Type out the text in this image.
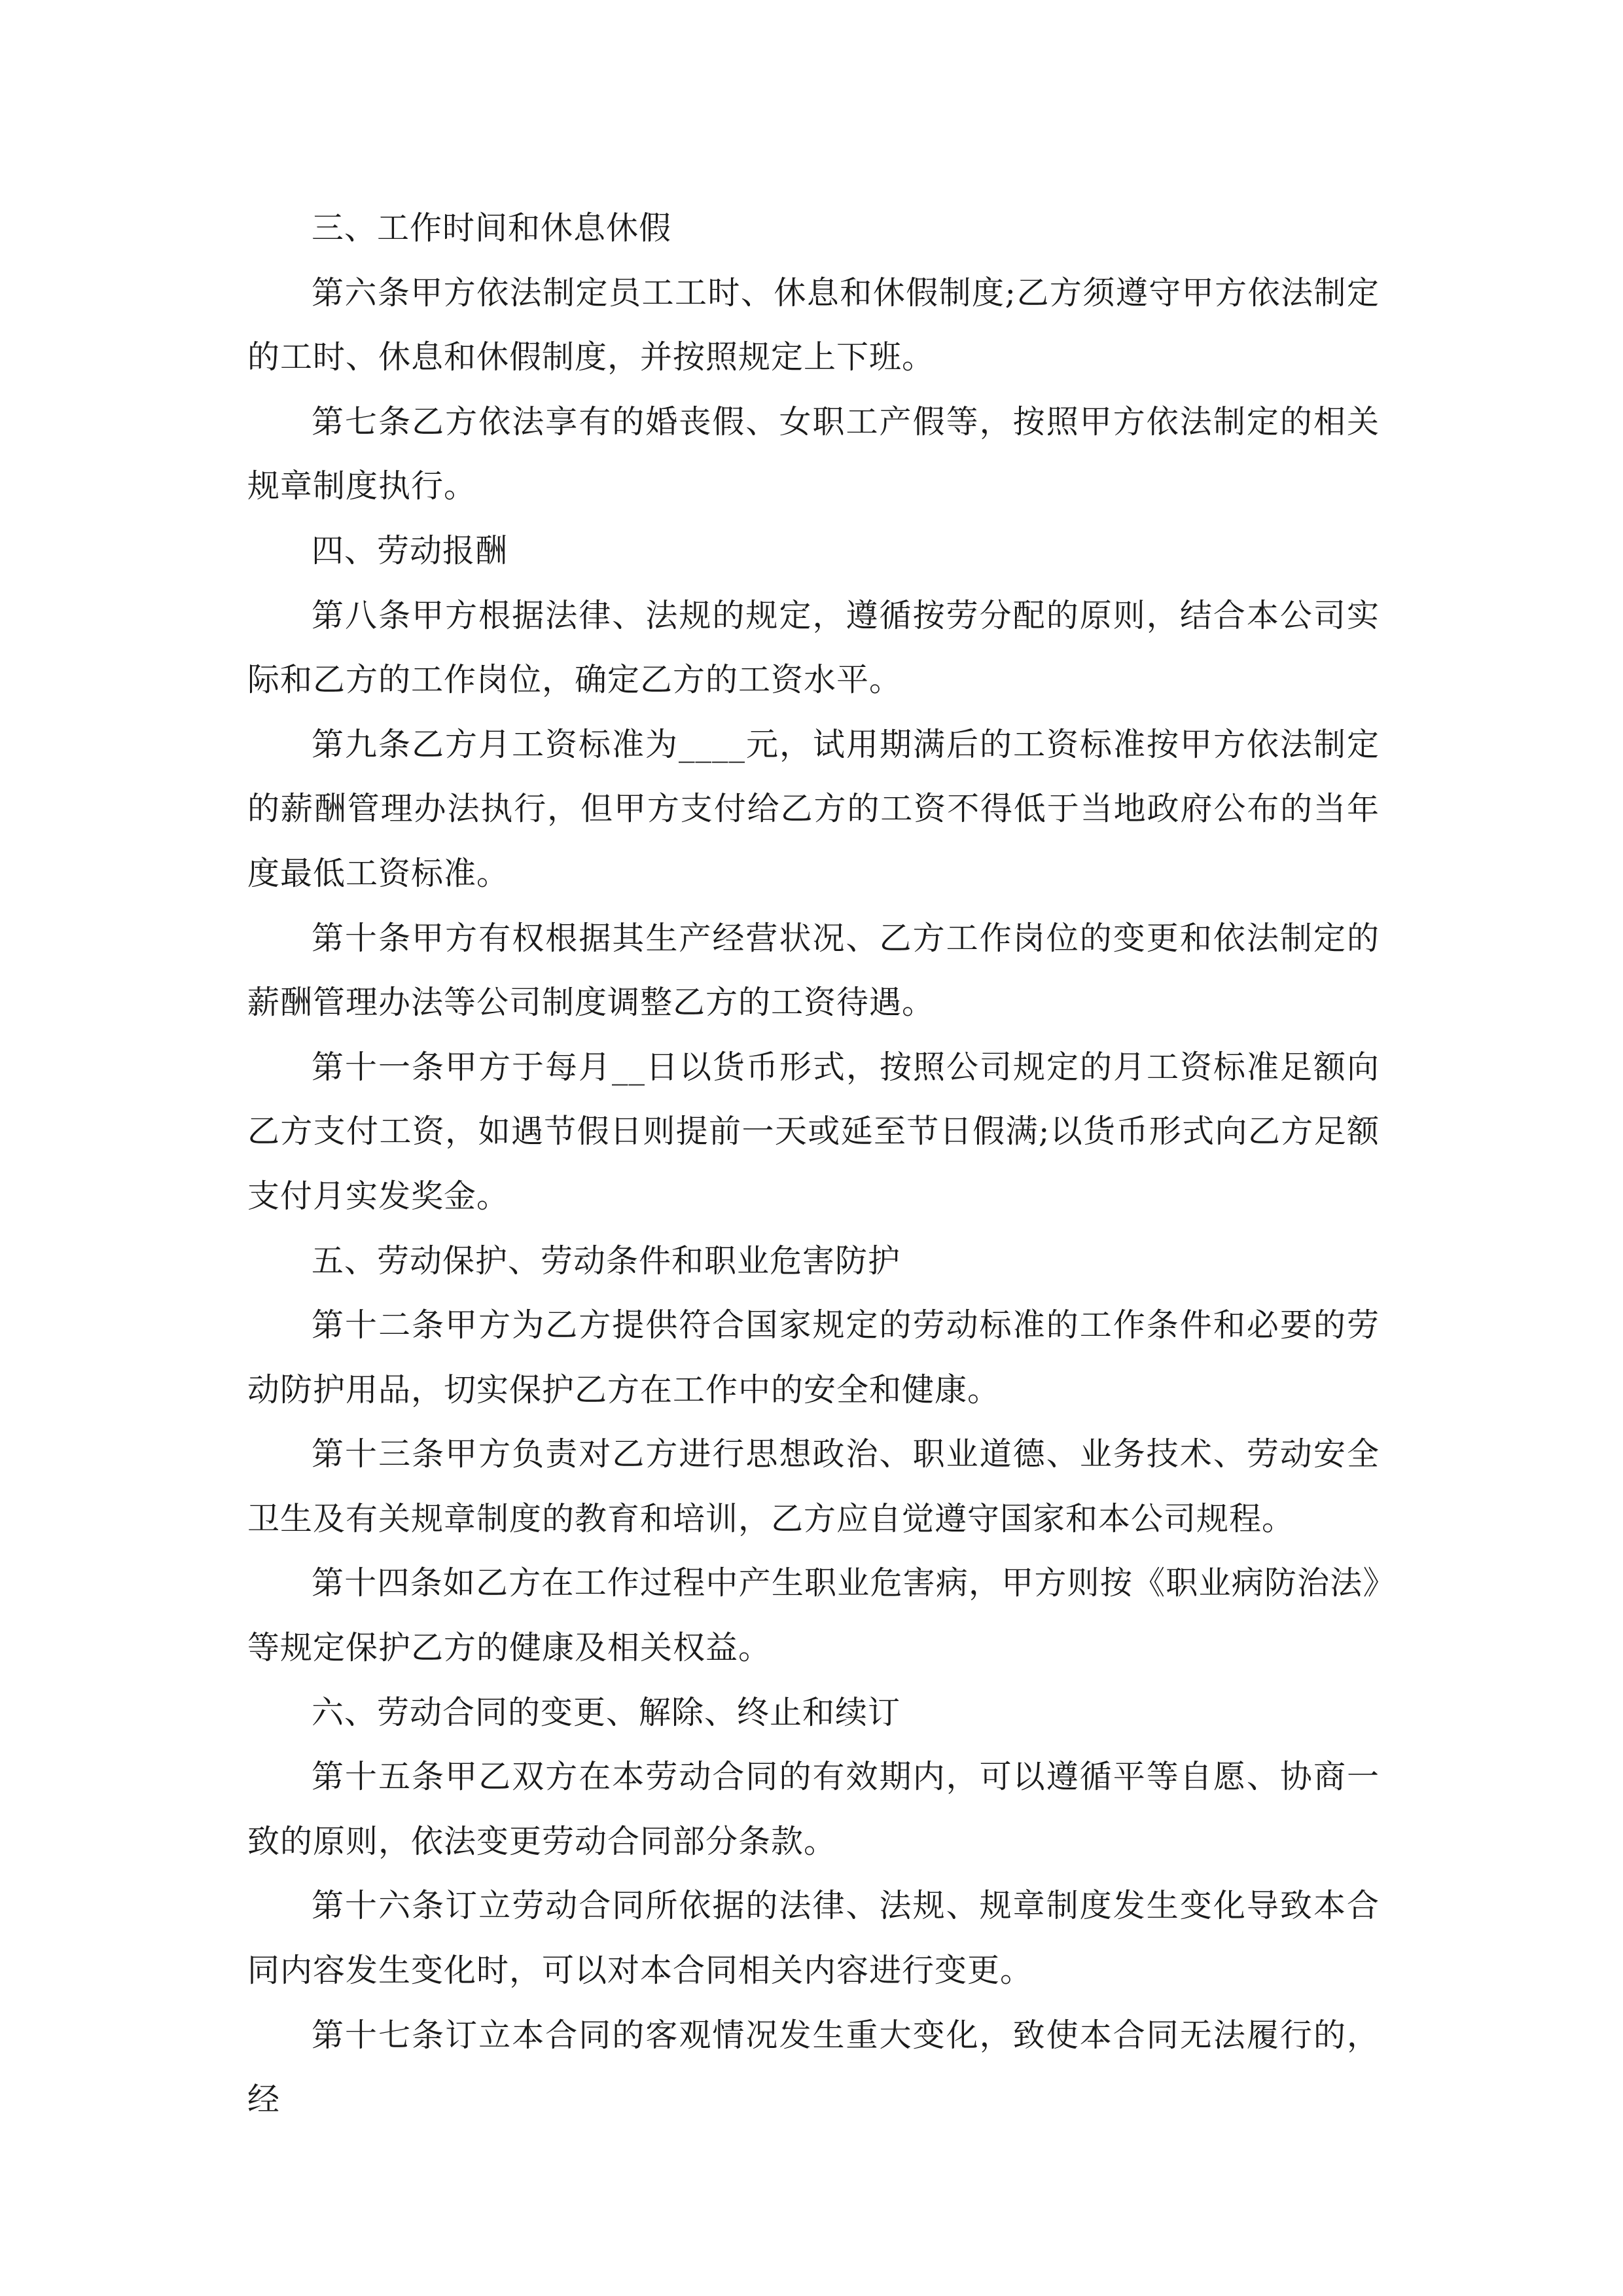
三、工作时间和休息休假

第六条甲方依法制定员工工时、休息和休假制度;乙方须遵守甲方依法制定的工时、休息和休假制度，并按照规定上下班。

第七条乙方依法享有的婚丧假、女职工产假等，按照甲方依法制定的相关规章制度执行。

四、劳动报酬

第八条甲方根据法律、法规的规定，遵循按劳分配的原则，结合本公司实际和乙方的工作岗位，确定乙方的工资水平。

第九条乙方月工资标准为____元，试用期满后的工资标准按甲方依法制定的薪酬管理办法执行，但甲方支付给乙方的工资不得低于当地政府公布的当年度最低工资标准。

第十条甲方有权根据其生产经营状况、乙方工作岗位的变更和依法制定的薪酬管理办法等公司制度调整乙方的工资待遇。

第十一条甲方于每月__日以货币形式，按照公司规定的月工资标准足额向乙方支付工资，如遇节假日则提前一天或延至节日假满;以货币形式向乙方足额支付月实发奖金。

五、劳动保护、劳动条件和职业危害防护

第十二条甲方为乙方提供符合国家规定的劳动标准的工作条件和必要的劳动防护用品，切实保护乙方在工作中的安全和健康。

第十三条甲方负责对乙方进行思想政治、职业道德、业务技术、劳动安全卫生及有关规章制度的教育和培训，乙方应自觉遵守国家和本公司规程。

第十四条如乙方在工作过程中产生职业危害病，甲方则按《职业病防治法》等规定保护乙方的健康及相关权益。

六、劳动合同的变更、解除、终止和续订

第十五条甲乙双方在本劳动合同的有效期内，可以遵循平等自愿、协商一致的原则，依法变更劳动合同部分条款。

第十六条订立劳动合同所依据的法律、法规、规章制度发生变化导致本合同内容发生变化时，可以对本合同相关内容进行变更。

第十七条订立本合同的客观情况发生重大变化，致使本合同无法履行的，经
